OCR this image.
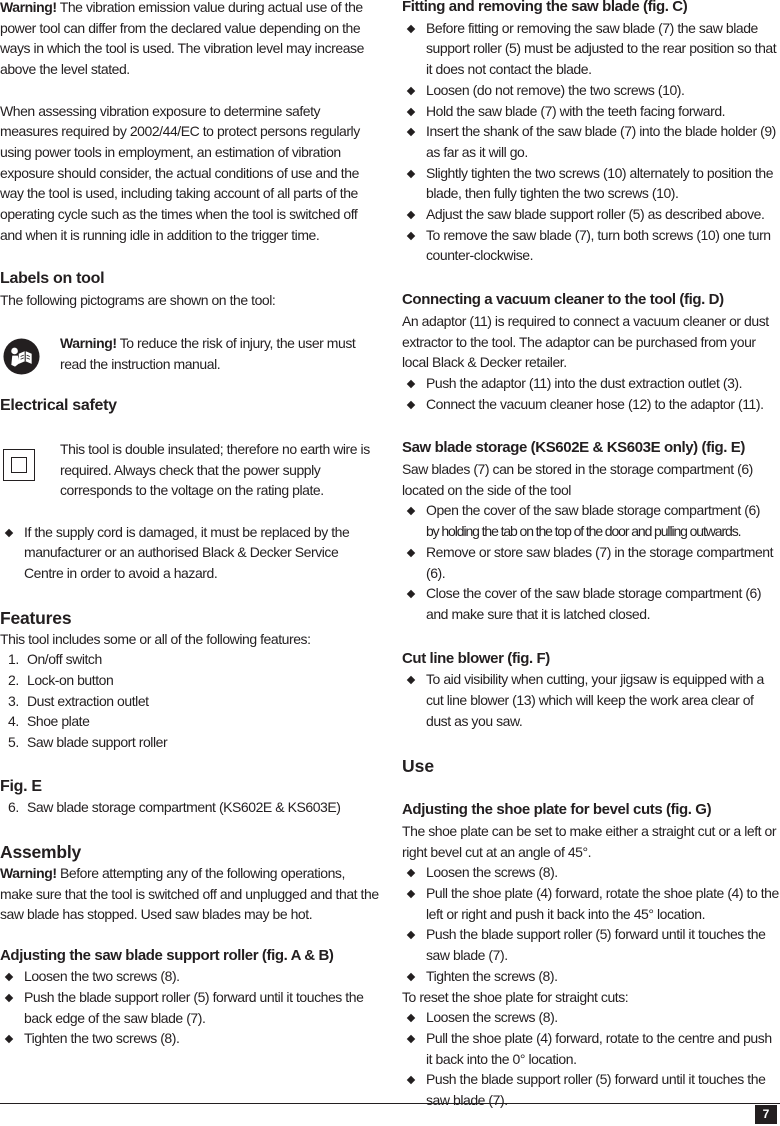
Warning! The vibration emission value during actual use of the power tool can differ from the declared value depending on the ways in which the tool is used. The vibration level may increase above the level stated.

When assessing vibration exposure to determine safety measures required by 2002/44/EC to protect persons regularly using power tools in employment, an estimation of vibration exposure should consider, the actual conditions of use and the way the tool is used, including taking account of all parts of the operating cycle such as the times when the tool is switched off and when it is running idle in addition to the trigger time.

Labels on tool

The following pictograms are shown on the tool:

Warning! To reduce the risk of injury, the user must read the instruction manual.

Electrical safety

This tool is double insulated; therefore no earth wire is required. Always check that the power supply corresponds to the voltage on the rating plate.

If the supply cord is damaged, it must be replaced by the manufacturer or an authorised Black & Decker Service Centre in order to avoid a hazard.
Features

This tool includes some or all of the following features:

1. On/off switch
2. Lock-on button
3. Dust extraction outlet
4. Shoe plate
5. Saw blade support roller
Fig. E
6. Saw blade storage compartment (KS602E & KS603E)
Assembly

Warning! Before attempting any of the following operations, make sure that the tool is switched off and unplugged and that the saw blade has stopped. Used saw blades may be hot.

Adjusting the saw blade support roller (fig. A & B)
Loosen the two screws (8).
Push the blade support roller (5) forward until it touches the back edge of the saw blade (7).
Tighten the two screws (8).
Fitting and removing the saw blade (fig. C)
Before fitting or removing the saw blade (7) the saw blade support roller (5) must be adjusted to the rear position so that it does not contact the blade.
Loosen (do not remove) the two screws (10).
Hold the saw blade (7) with the teeth facing forward.
Insert the shank of the saw blade (7) into the blade holder (9) as far as it will go.
Slightly tighten the two screws (10) alternately to position the blade, then fully tighten the two screws (10).
Adjust the saw blade support roller (5) as described above.
To remove the saw blade (7), turn both screws (10) one turn counter-clockwise.
Connecting a vacuum cleaner to the tool (fig. D)

An adaptor (11) is required to connect a vacuum cleaner or dust extractor to the tool. The adaptor can be purchased from your local Black & Decker retailer.

Push the adaptor (11) into the dust extraction outlet (3).
Connect the vacuum cleaner hose (12) to the adaptor (11).
Saw blade storage (KS602E & KS603E only) (fig. E)

Saw blades (7) can be stored in the storage compartment (6) located on the side of the tool

Open the cover of the saw blade storage compartment (6)
by holding the tab on the top of the door and pulling outwards.
Remove or store saw blades (7) in the storage compartment (6).
Close the cover of the saw blade storage compartment (6) and make sure that it is latched closed.
Cut line blower (fig. F)
To aid visibility when cutting, your jigsaw is equipped with a cut line blower (13) which will keep the work area clear of dust as you saw.
Use
Adjusting the shoe plate for bevel cuts (fig. G)

The shoe plate can be set to make either a straight cut or a left or right bevel cut at an angle of 45°.

Loosen the screws (8).
Pull the shoe plate (4) forward, rotate the shoe plate (4) to the left or right and push it back into the 45° location.
Push the blade support roller (5) forward until it touches the saw blade (7).
Tighten the screws (8).

To reset the shoe plate for straight cuts:

Loosen the screws (8).
Pull the shoe plate (4) forward, rotate to the centre and push it back into the 0° location.
Push the blade support roller (5) forward until it touches the saw blade (7).
7
